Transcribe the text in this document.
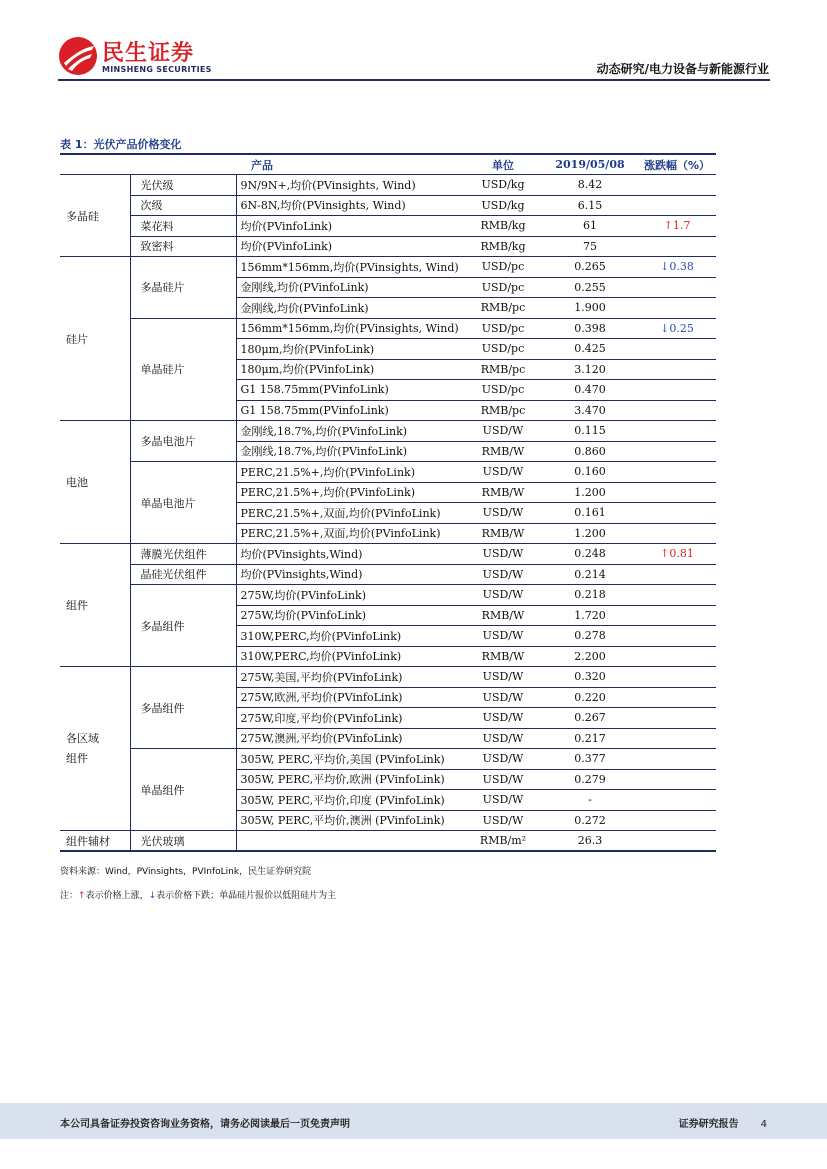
民生证券
MINSHENG SECURITIES	动态研究/电力设备与新能源行业
表 1：光伏产品价格变化
产品			单位	2019/05/08	涨跌幅（%）
多晶硅	光伏级	9N/9N+,均价(PVinsights, Wind)	USD/kg	8.42	
	次级	6N-8N,均价(PVinsights, Wind)	USD/kg	6.15	
	菜花料	均价(PVinfoLink)	RMB/kg	61	↑1.7
	致密料	均价(PVinfoLink)	RMB/kg	75	
硅片	多晶硅片	156mm*156mm,均价(PVinsights, Wind)	USD/pc	0.265	↓0.38
		金刚线,均价(PVinfoLink)	USD/pc	0.255	
		金刚线,均价(PVinfoLink)	RMB/pc	1.900	
	单晶硅片	156mm*156mm,均价(PVinsights, Wind)	USD/pc	0.398	↓0.25
		180μm,均价(PVinfoLink)	USD/pc	0.425	
		180μm,均价(PVinfoLink)	RMB/pc	3.120	
		G1 158.75mm(PVinfoLink)	USD/pc	0.470	
		G1 158.75mm(PVinfoLink)	RMB/pc	3.470	
电池	多晶电池片	金刚线,18.7%,均价(PVinfoLink)	USD/W	0.115	
		金刚线,18.7%,均价(PVinfoLink)	RMB/W	0.860	
	单晶电池片	PERC,21.5%+,均价(PVinfoLink)	USD/W	0.160	
		PERC,21.5%+,均价(PVinfoLink)	RMB/W	1.200	
		PERC,21.5%+,双面,均价(PVinfoLink)	USD/W	0.161	
		PERC,21.5%+,双面,均价(PVinfoLink)	RMB/W	1.200	
组件	薄膜光伏组件	均价(PVinsights,Wind)	USD/W	0.248	↑0.81
	晶硅光伏组件	均价(PVinsights,Wind)	USD/W	0.214	
	多晶组件	275W,均价(PVinfoLink)	USD/W	0.218	
		275W,均价(PVinfoLink)	RMB/W	1.720	
		310W,PERC,均价(PVinfoLink)	USD/W	0.278	
		310W,PERC,均价(PVinfoLink)	RMB/W	2.200	
各区域组件	多晶组件	275W,美国,平均价(PVinfoLink)	USD/W	0.320	
		275W,欧洲,平均价(PVinfoLink)	USD/W	0.220	
		275W,印度,平均价(PVinfoLink)	USD/W	0.267	
		275W,澳洲,平均价(PVinfoLink)	USD/W	0.217	
	单晶组件	305W, PERC,平均价,美国 (PVinfoLink)	USD/W	0.377	
		305W, PERC,平均价,欧洲 (PVinfoLink)	USD/W	0.279	
		305W, PERC,平均价,印度 (PVinfoLink)	USD/W	-	
		305W, PERC,平均价,澳洲 (PVinfoLink)	USD/W	0.272	
组件辅材	光伏玻璃		RMB/m²	26.3	
资料来源：Wind，PVinsights，PVInfoLink，民生证券研究院
注：↑表示价格上涨，↓表示价格下跌；单晶硅片报价以低阻硅片为主
本公司具备证券投资咨询业务资格，请务必阅读最后一页免责声明	证券研究报告 4
